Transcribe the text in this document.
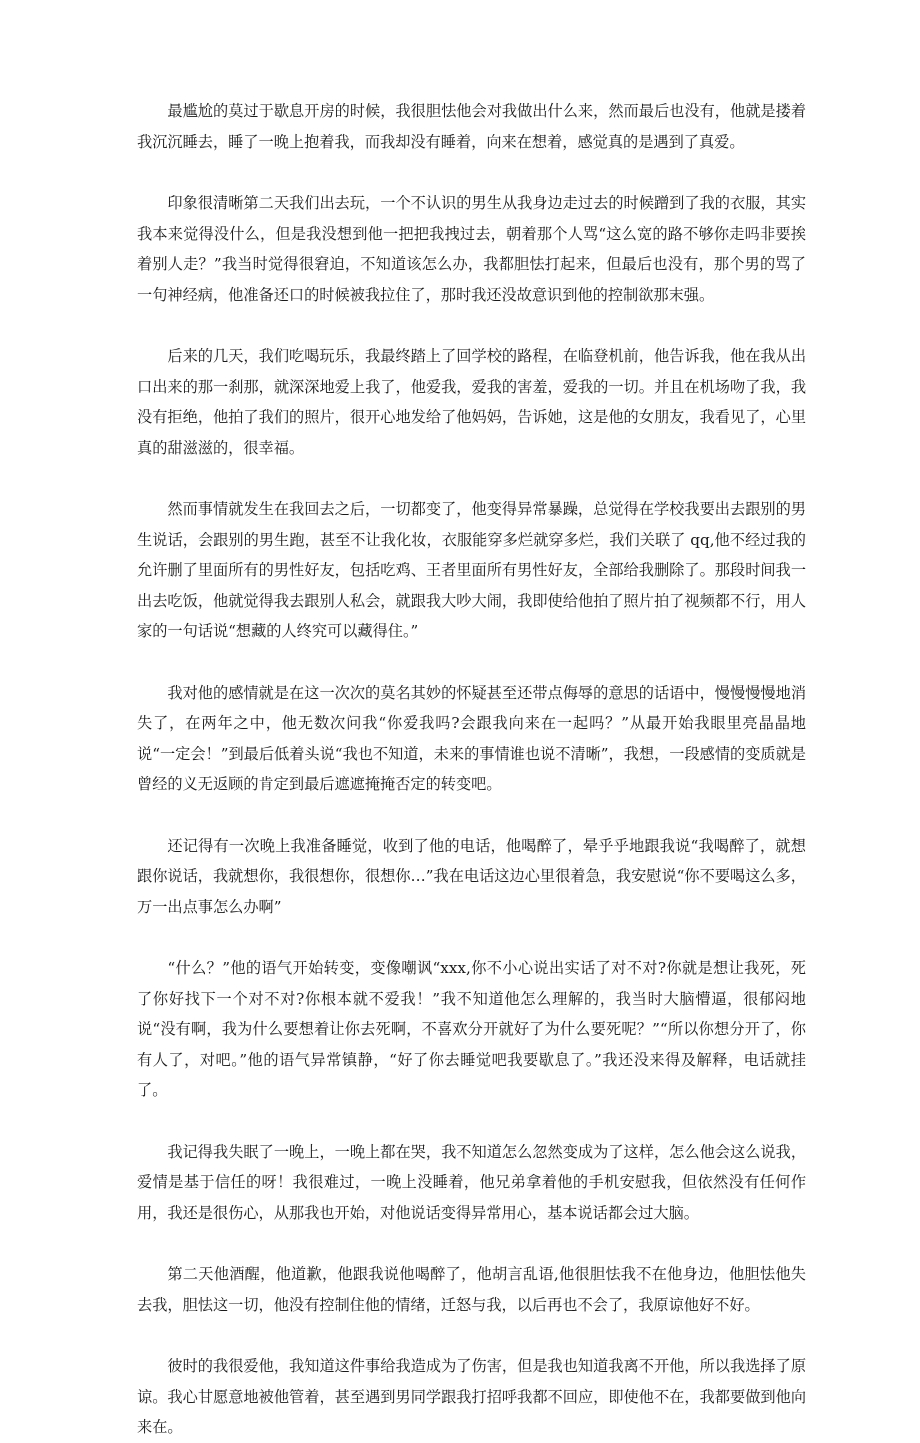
最尴尬的莫过于歇息开房的时候，我很胆怯他会对我做出什么来，然而最后也没有，他就是搂着我沉沉睡去，睡了一晚上抱着我，而我却没有睡着，向来在想着，感觉真的是遇到了真爱。

印象很清晰第二天我们出去玩，一个不认识的男生从我身边走过去的时候蹭到了我的衣服，其实我本来觉得没什么，但是我没想到他一把把我拽过去，朝着那个人骂“这么宽的路不够你走吗非要挨着别人走？”我当时觉得很窘迫，不知道该怎么办，我都胆怯打起来，但最后也没有，那个男的骂了一句神经病，他准备还口的时候被我拉住了，那时我还没故意识到他的控制欲那末强。

后来的几天，我们吃喝玩乐，我最终踏上了回学校的路程，在临登机前，他告诉我，他在我从出口出来的那一刹那，就深深地爱上我了，他爱我，爱我的害羞，爱我的一切。并且在机场吻了我，我没有拒绝，他拍了我们的照片，很开心地发给了他妈妈，告诉她，这是他的女朋友，我看见了，心里真的甜滋滋的，很幸福。

然而事情就发生在我回去之后，一切都变了，他变得异常暴躁，总觉得在学校我要出去跟别的男生说话，会跟别的男生跑，甚至不让我化妆，衣服能穿多烂就穿多烂，我们关联了 qq,他不经过我的允许删了里面所有的男性好友，包括吃鸡、王者里面所有男性好友，全部给我删除了。那段时间我一出去吃饭，他就觉得我去跟别人私会，就跟我大吵大闹，我即使给他拍了照片拍了视频都不行，用人家的一句话说“想藏的人终究可以藏得住。”

我对他的感情就是在这一次次的莫名其妙的怀疑甚至还带点侮辱的意思的话语中，慢慢慢慢地消失了，在两年之中，他无数次问我“你爱我吗?会跟我向来在一起吗？”从最开始我眼里亮晶晶地说“一定会！”到最后低着头说“我也不知道，未来的事情谁也说不清晰”，我想，一段感情的变质就是曾经的义无返顾的肯定到最后遮遮掩掩否定的转变吧。

还记得有一次晚上我准备睡觉，收到了他的电话，他喝醉了，晕乎乎地跟我说“我喝醉了，就想跟你说话，我就想你，我很想你，很想你…”我在电话这边心里很着急，我安慰说“你不要喝这么多，万一出点事怎么办啊”

“什么？”他的语气开始转变，变像嘲讽“xxx,你不小心说出实话了对不对?你就是想让我死，死了你好找下一个对不对?你根本就不爱我！”我不知道他怎么理解的，我当时大脑懵逼，很郁闷地说“没有啊，我为什么要想着让你去死啊，不喜欢分开就好了为什么要死呢？”“所以你想分开了，你有人了，对吧。”他的语气异常镇静，“好了你去睡觉吧我要歇息了。”我还没来得及解释，电话就挂了。

我记得我失眠了一晚上，一晚上都在哭，我不知道怎么忽然变成为了这样，怎么他会这么说我，爱情是基于信任的呀！我很难过，一晚上没睡着，他兄弟拿着他的手机安慰我，但依然没有任何作用，我还是很伤心，从那我也开始，对他说话变得异常用心，基本说话都会过大脑。

第二天他酒醒，他道歉，他跟我说他喝醉了，他胡言乱语,他很胆怯我不在他身边，他胆怯他失去我，胆怯这一切，他没有控制住他的情绪，迁怒与我，以后再也不会了，我原谅他好不好。

彼时的我很爱他，我知道这件事给我造成为了伤害，但是我也知道我离不开他，所以我选择了原谅。我心甘愿意地被他管着，甚至遇到男同学跟我打招呼我都不回应，即使他不在，我都要做到他向来在。
